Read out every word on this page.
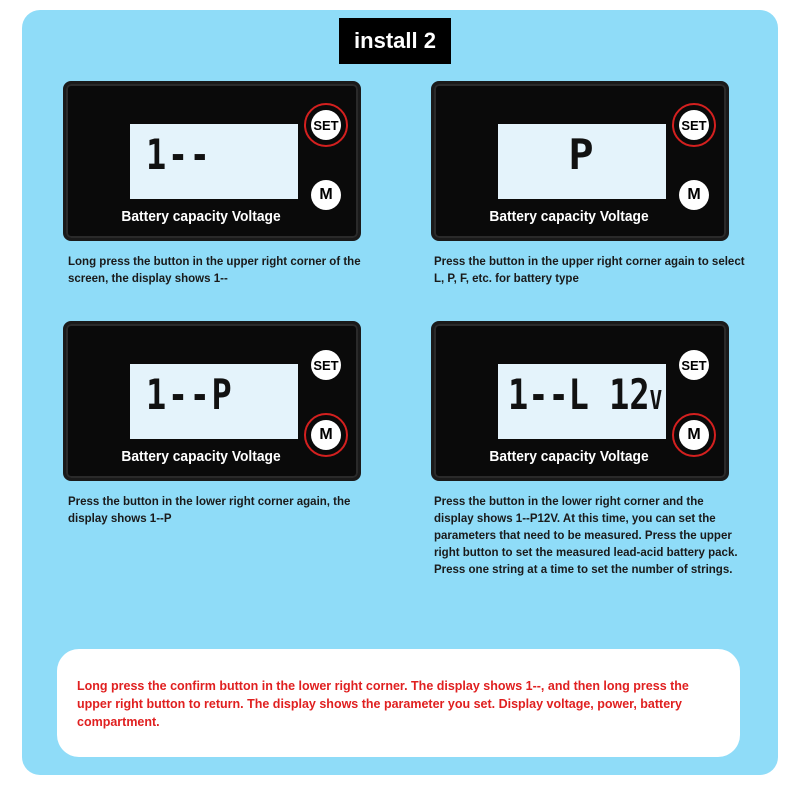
install 2
1--
SET
M
Battery capacity Voltage
Long press the button in the upper right corner of the screen, the display shows 1--
P
SET
M
Battery capacity Voltage
Press the button in the upper right corner again to select L, P, F, etc. for battery type
1--P
SET
M
Battery capacity Voltage
Press the button in the lower right corner again, the display shows 1--P
1--L 12V
SET
M
Battery capacity Voltage
Press the button in the lower right corner and the display shows 1--P12V. At this time, you can set the parameters that need to be measured. Press the upper right button to set the measured lead-acid battery pack. Press one string at a time to set the number of strings.
Long press the confirm button in the lower right corner. The display shows 1--, and then long press the upper right button to return. The display shows the parameter you set. Display voltage, power, battery compartment.
